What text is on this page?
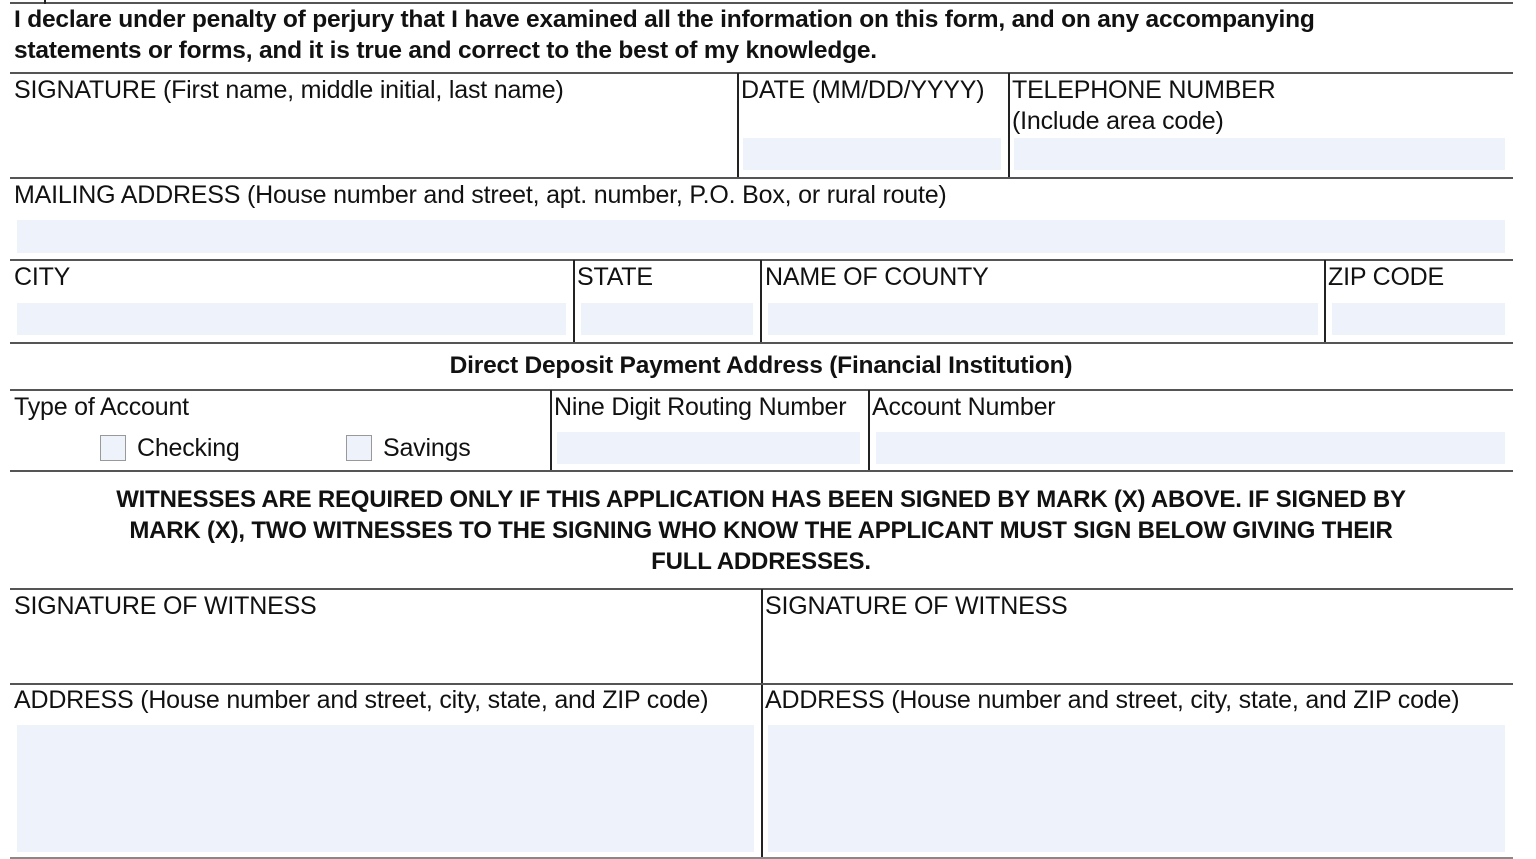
I declare under penalty of perjury that I have examined all the information on this form, and on any accompanying
statements or forms, and it is true and correct to the best of my knowledge.
SIGNATURE (First name, middle initial, last name)	DATE (MM/DD/YYYY) TELEPHONE NUMBER
(Include area code)
MAILING ADDRESS (House number and street, apt. number, P.O. Box, or rural route)
CITY	STATE	NAME OF COUNTY	ZIP CODE
Direct Deposit Payment Address (Financial Institution)
Type of Account
Checking	Savings
Nine Digit Routing Number Account Number
WITNESSES ARE REQUIRED ONLY IF THIS APPLICATION HAS BEEN SIGNED BY MARK (X) ABOVE. IF SIGNED BY
MARK (X), TWO WITNESSES TO THE SIGNING WHO KNOW THE APPLICANT MUST SIGN BELOW GIVING THEIR
FULL ADDRESSES.
SIGNATURE OF WITNESS	SIGNATURE OF WITNESS
ADDRESS (House number and street, city, state, and ZIP code) ADDRESS (House number and street, city, state, and ZIP code)
